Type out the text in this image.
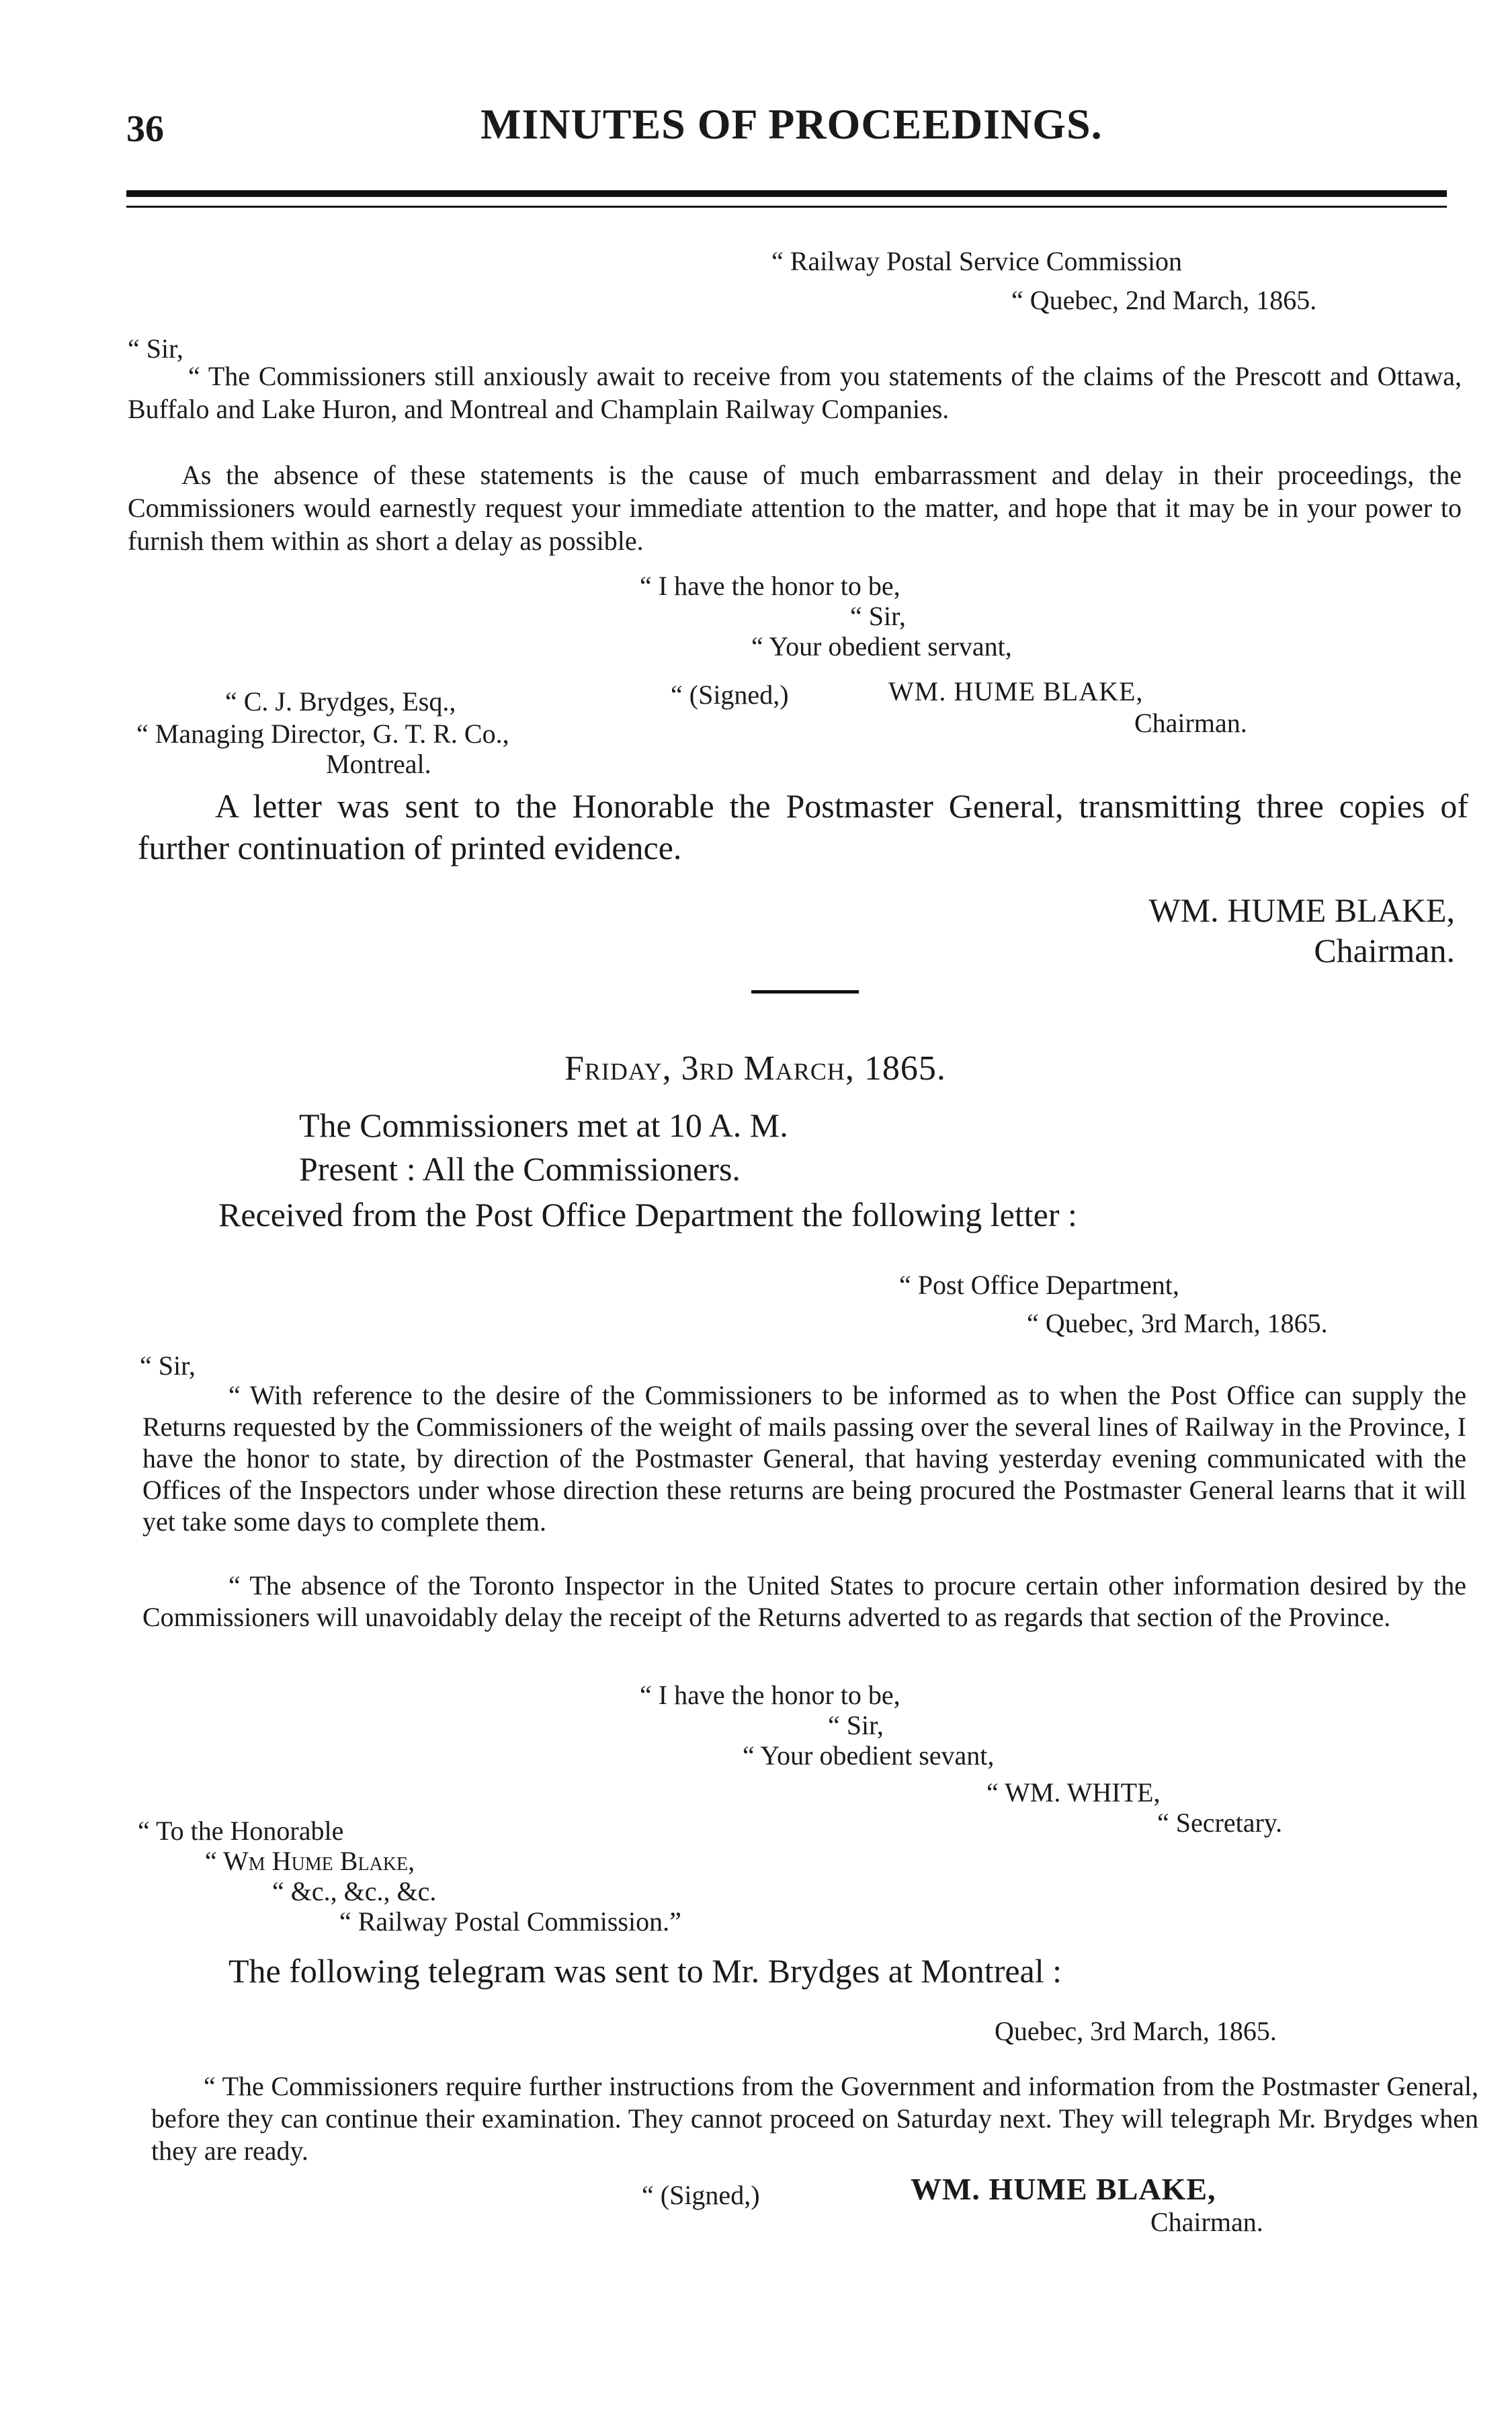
36	MINUTES OF PROCEEDINGS.
“ Railway Postal Service Commission
“ Quebec, 2nd March, 1865.
“ Sir,
“ The Commissioners still anxiously await to receive from you statements of the claims of the Prescott and Ottawa, Buffalo and Lake Huron, and Montreal and Champlain Railway Companies.
As the absence of these statements is the cause of much embarrassment and delay in their proceedings, the Commissioners would earnestly request your immediate attention to the matter, and hope that it may be in your power to furnish them within as short a delay as possible.
“ I have the honor to be,
“ Sir,
“ Your obedient servant,
“ C. J. Brydges, Esq.,
“ Managing Director, G. T. R. Co.,
Montreal.
“ (Signed,)	WM. HUME BLAKE,
Chairman.
A letter was sent to the Honorable the Postmaster General, transmitting three copies of further continuation of printed evidence.
WM. HUME BLAKE,
Chairman.
Friday, 3rd March, 1865.
The Commissioners met at 10 A. M.
Present : All the Commissioners.
Received from the Post Office Department the following letter :
“ Post Office Department,
“ Quebec, 3rd March, 1865.
“ Sir,
“ With reference to the desire of the Commissioners to be informed as to when the Post Office can supply the Returns requested by the Commissioners of the weight of mails passing over the several lines of Railway in the Province, I have the honor to state, by direction of the Postmaster General, that having yesterday evening communicated with the Offices of the Inspectors under whose direction these returns are being procured the Postmaster General learns that it will yet take some days to complete them.
“ The absence of the Toronto Inspector in the United States to procure certain other information desired by the Commissioners will unavoidably delay the receipt of the Returns adverted to as regards that section of the Province.
“ I have the honor to be,
“ Sir,
“ Your obedient sevant,
“ WM. WHITE,
“ Secretary.
“ To the Honorable
“ Wm Hume Blake,
“ &c., &c., &c.
“ Railway Postal Commission.”
The following telegram was sent to Mr. Brydges at Montreal :
Quebec, 3rd March, 1865.
“ The Commissioners require further instructions from the Government and information from the Postmaster General, before they can continue their examination. They cannot proceed on Saturday next. They will telegraph Mr. Brydges when they are ready.
“ (Signed,)	WM. HUME BLAKE,
Chairman.
